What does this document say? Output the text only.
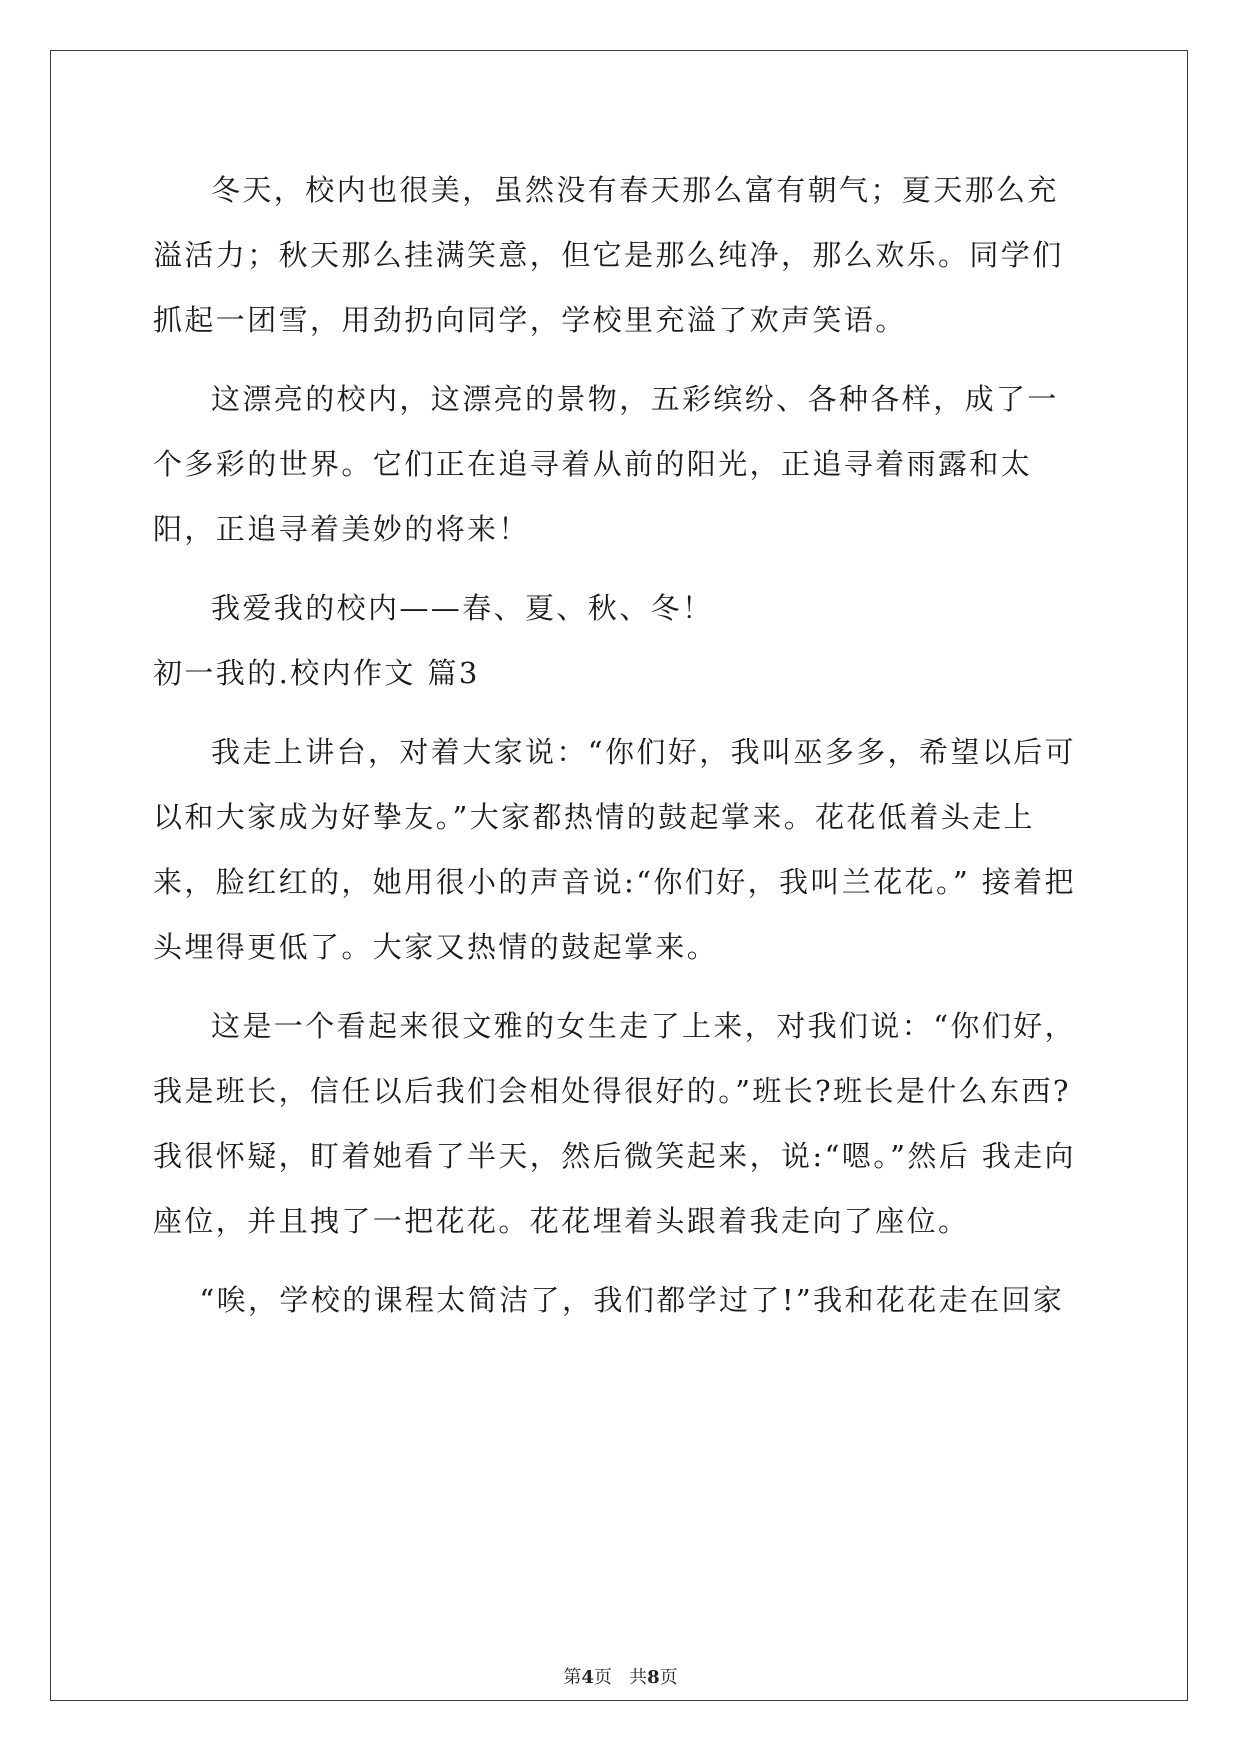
冬天，校内也很美，虽然没有春天那么富有朝气；夏天那么充溢活力；秋天那么挂满笑意，但它是那么纯净，那么欢乐。同学们抓起一团雪，用劲扔向同学，学校里充溢了欢声笑语。

这漂亮的校内，这漂亮的景物，五彩缤纷、各种各样，成了一个多彩的世界。它们正在追寻着从前的阳光，正追寻着雨露和太阳，正追寻着美妙的将来！

我爱我的校内——春、夏、秋、冬！

初一我的.校内作文 篇3

我走上讲台，对着大家说：“你们好，我叫巫多多，希望以后可以和大家成为好挚友。”大家都热情的鼓起掌来。花花低着头走上来，脸红红的，她用很小的声音说:“你们好，我叫兰花花。” 接着把头埋得更低了。大家又热情的鼓起掌来。

这是一个看起来很文雅的女生走了上来，对我们说：“你们好，我是班长，信任以后我们会相处得很好的。”班长?班长是什么东西?我很怀疑，盯着她看了半天，然后微笑起来，说:“嗯。”然后 我走向座位，并且拽了一把花花。花花埋着头跟着我走向了座位。

“唉，学校的课程太简洁了，我们都学过了!”我和花花走在回家

第4页 共8页
